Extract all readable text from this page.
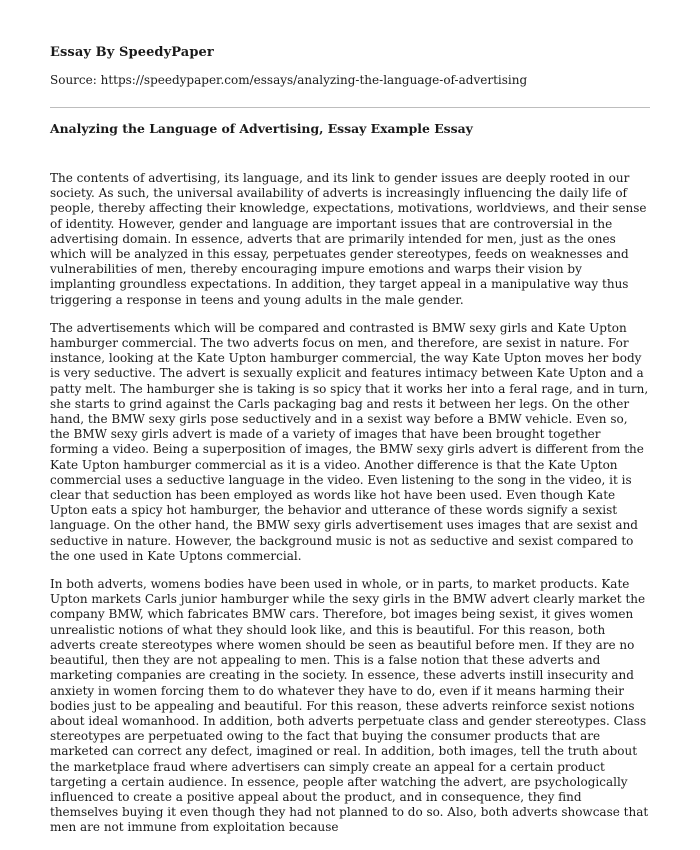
Essay By SpeedyPaper
Source: https://speedypaper.com/essays/analyzing-the-language-of-advertising
Analyzing the Language of Advertising, Essay Example Essay

The contents of advertising, its language, and its link to gender issues are deeply rooted in our society. As such, the universal availability of adverts is increasingly influencing the daily life of people, thereby affecting their knowledge, expectations, motivations, worldviews, and their sense of identity. However, gender and language are important issues that are controversial in the advertising domain. In essence, adverts that are primarily intended for men, just as the ones which will be analyzed in this essay, perpetuates gender stereotypes, feeds on weaknesses and vulnerabilities of men, thereby encouraging impure emotions and warps their vision by implanting groundless expectations. In addition, they target appeal in a manipulative way thus triggering a response in teens and young adults in the male gender.

The advertisements which will be compared and contrasted is BMW sexy girls and Kate Upton hamburger commercial. The two adverts focus on men, and therefore, are sexist in nature. For instance, looking at the Kate Upton hamburger commercial, the way Kate Upton moves her body is very seductive. The advert is sexually explicit and features intimacy between Kate Upton and a patty melt. The hamburger she is taking is so spicy that it works her into a feral rage, and in turn, she starts to grind against the Carls packaging bag and rests it between her legs. On the other hand, the BMW sexy girls pose seductively and in a sexist way before a BMW vehicle. Even so, the BMW sexy girls advert is made of a variety of images that have been brought together forming a video. Being a superposition of images, the BMW sexy girls advert is different from the Kate Upton hamburger commercial as it is a video. Another difference is that the Kate Upton commercial uses a seductive language in the video. Even listening to the song in the video, it is clear that seduction has been employed as words like hot have been used. Even though Kate Upton eats a spicy hot hamburger, the behavior and utterance of these words signify a sexist language. On the other hand, the BMW sexy girls advertisement uses images that are sexist and seductive in nature. However, the background music is not as seductive and sexist compared to the one used in Kate Uptons commercial.

In both adverts, womens bodies have been used in whole, or in parts, to market products. Kate Upton markets Carls junior hamburger while the sexy girls in the BMW advert clearly market the company BMW, which fabricates BMW cars. Therefore, bot images being sexist, it gives women unrealistic notions of what they should look like, and this is beautiful. For this reason, both adverts create stereotypes where women should be seen as beautiful before men. If they are no beautiful, then they are not appealing to men. This is a false notion that these adverts and marketing companies are creating in the society. In essence, these adverts instill insecurity and anxiety in women forcing them to do whatever they have to do, even if it means harming their bodies just to be appealing and beautiful. For this reason, these adverts reinforce sexist notions about ideal womanhood. In addition, both adverts perpetuate class and gender stereotypes. Class stereotypes are perpetuated owing to the fact that buying the consumer products that are marketed can correct any defect, imagined or real. In addition, both images, tell the truth about the marketplace fraud where advertisers can simply create an appeal for a certain product targeting a certain audience. In essence, people after watching the advert, are psychologically influenced to create a positive appeal about the product, and in consequence, they find themselves buying it even though they had not planned to do so. Also, both adverts showcase that men are not immune from exploitation because
